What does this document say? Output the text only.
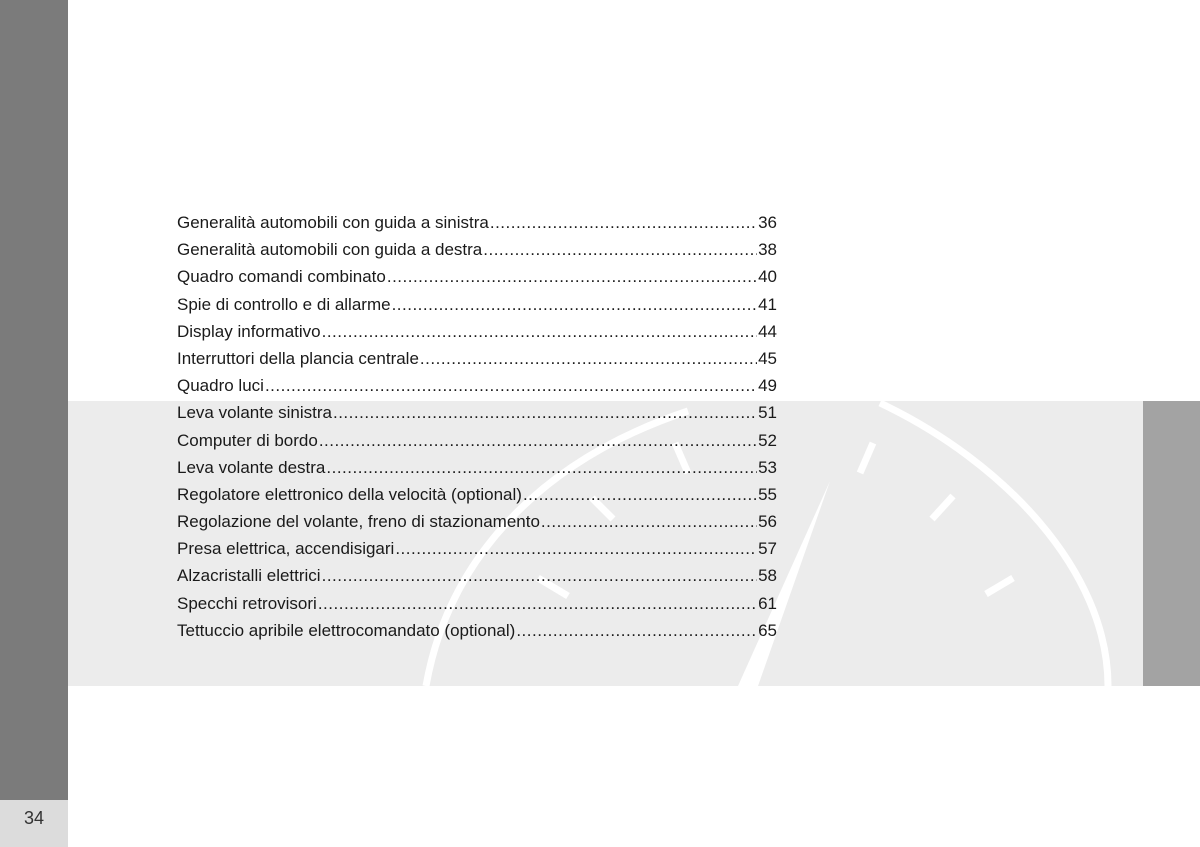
34
Generalità automobili con guida a sinistra .....	36
Generalità automobili con guida a destra .....	38
Quadro comandi combinato .....	40
Spie di controllo e di allarme .....	41
Display informativo .....	44
Interruttori della plancia centrale .....	45
Quadro luci .....	49
Leva volante sinistra .....	51
Computer di bordo .....	52
Leva volante destra .....	53
Regolatore elettronico della velocità (optional) .....	55
Regolazione del volante, freno di stazionamento .....	56
Presa elettrica, accendisigari .....	57
Alzacristalli elettrici .....	58
Specchi retrovisori .....	61
Tettuccio apribile elettrocomandato (optional) .....	65
